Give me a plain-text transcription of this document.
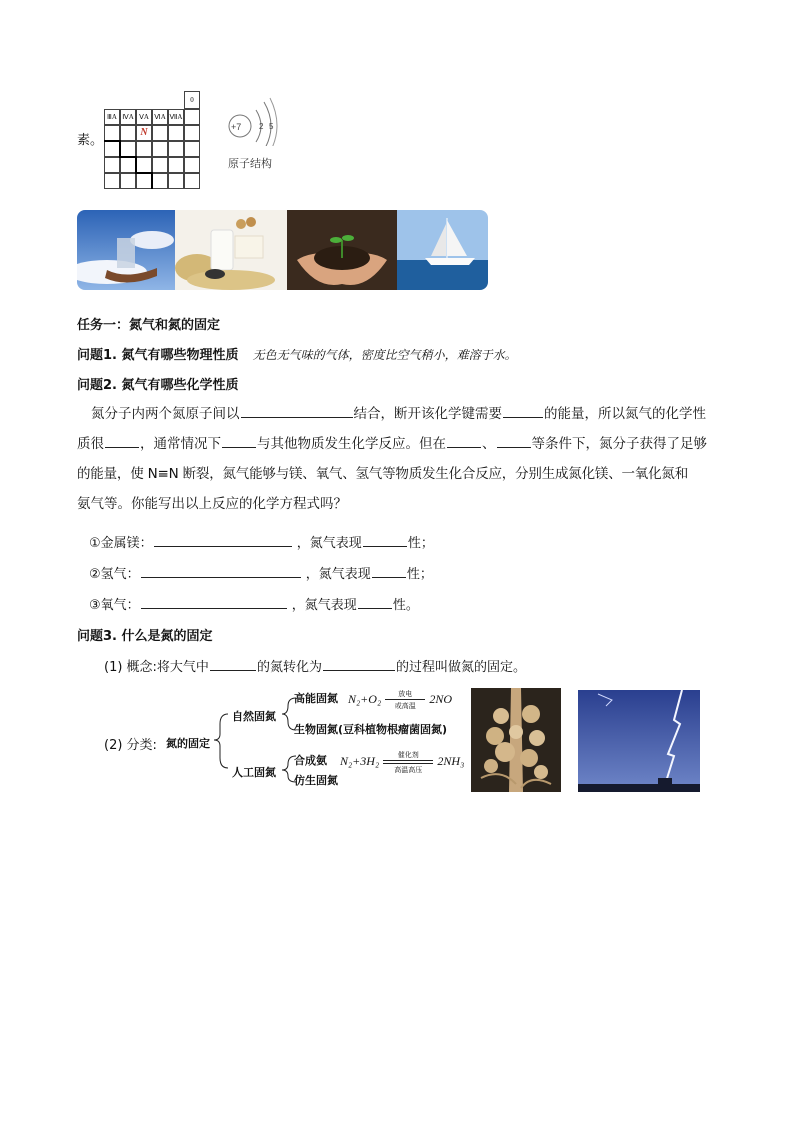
素。
0
ⅢA ⅣA ⅤA ⅥA ⅦA
N	+7 2 5
原子结构
任务一：氮气和氮的固定
问题1. 氮气有哪些物理性质 无色无气味的气体，密度比空气稍小，难溶于水。
问题2. 氮气有哪些化学性质

氮分子内两个氮原子间以	结合，断开该化学键需要	的能量，所以氮气的化学性

质很	，通常情况下	与其他物质发生化学反应。但在	、	等条件下，氮分子获得了足够

的能量，使 N≡N 断裂，氮气能够与镁、氧气、氢气等物质发生化合反应，分别生成氮化镁、一氧化氮和

氨气等。你能写出以上反应的化学方程式吗？

①金属镁：	，氮气表现	性；
②氢气：	，氮气表现	性；
③氧气：	，氮气表现	性。
问题3. 什么是氮的固定
(1) 概念:将大气中	的氮转化为	的过程叫做氮的固定。
(2) 分类: 氮的固定
自然固氮
人工固氮
高能固氮 N₂+O₂	放电
或高温	2NO
生物固氮(豆科植物根瘤菌固氮)
合成氨 N₂+3H₂	催化剂
高温高压
2NH₃
仿生固氮
